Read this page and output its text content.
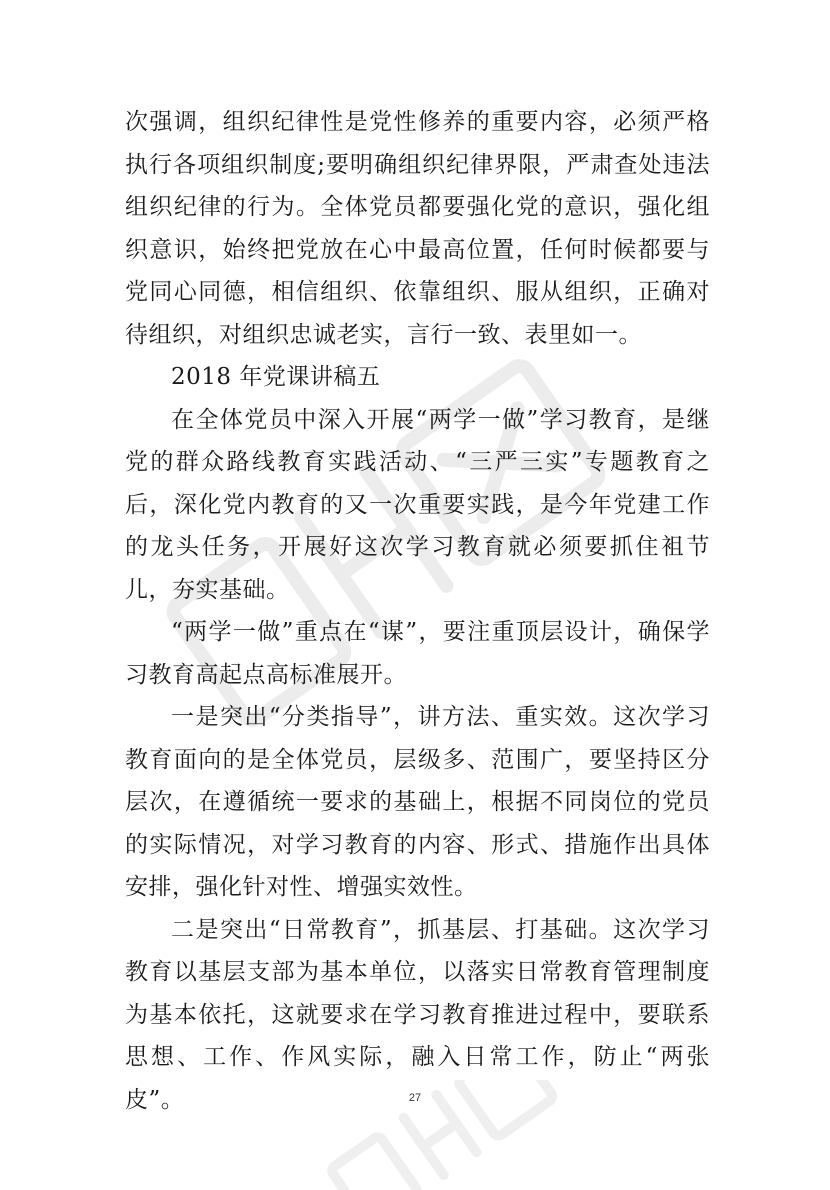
次强调，组织纪律性是党性修养的重要内容，必须严格执行各项组织制度;要明确组织纪律界限，严肃查处违法组织纪律的行为。全体党员都要强化党的意识，强化组织意识，始终把党放在心中最高位置，任何时候都要与党同心同德，相信组织、依靠组织、服从组织，正确对待组织，对组织忠诚老实，言行一致、表里如一。

2018 年党课讲稿五

在全体党员中深入开展“两学一做”学习教育，是继党的群众路线教育实践活动、“三严三实”专题教育之后，深化党内教育的又一次重要实践，是今年党建工作的龙头任务，开展好这次学习教育就必须要抓住袓节儿，夯实基础。

“两学一做”重点在“谋”，要注重顶层设计，确保学习教育高起点高标准展开。

一是突出“分类指导”，讲方法、重实效。这次学习教育面向的是全体党员，层级多、范围广，要坚持区分层次，在遵循统一要求的基础上，根据不同岗位的党员的实际情况，对学习教育的内容、形式、措施作出具体安排，强化针对性、增强实效性。

二是突出“日常教育”，抓基层、打基础。这次学习教育以基层支部为基本单位，以落实日常教育管理制度为基本依托，这就要求在学习教育推进过程中，要联系思想、工作、作风实际，融入日常工作，防止“两张皮”。	27
